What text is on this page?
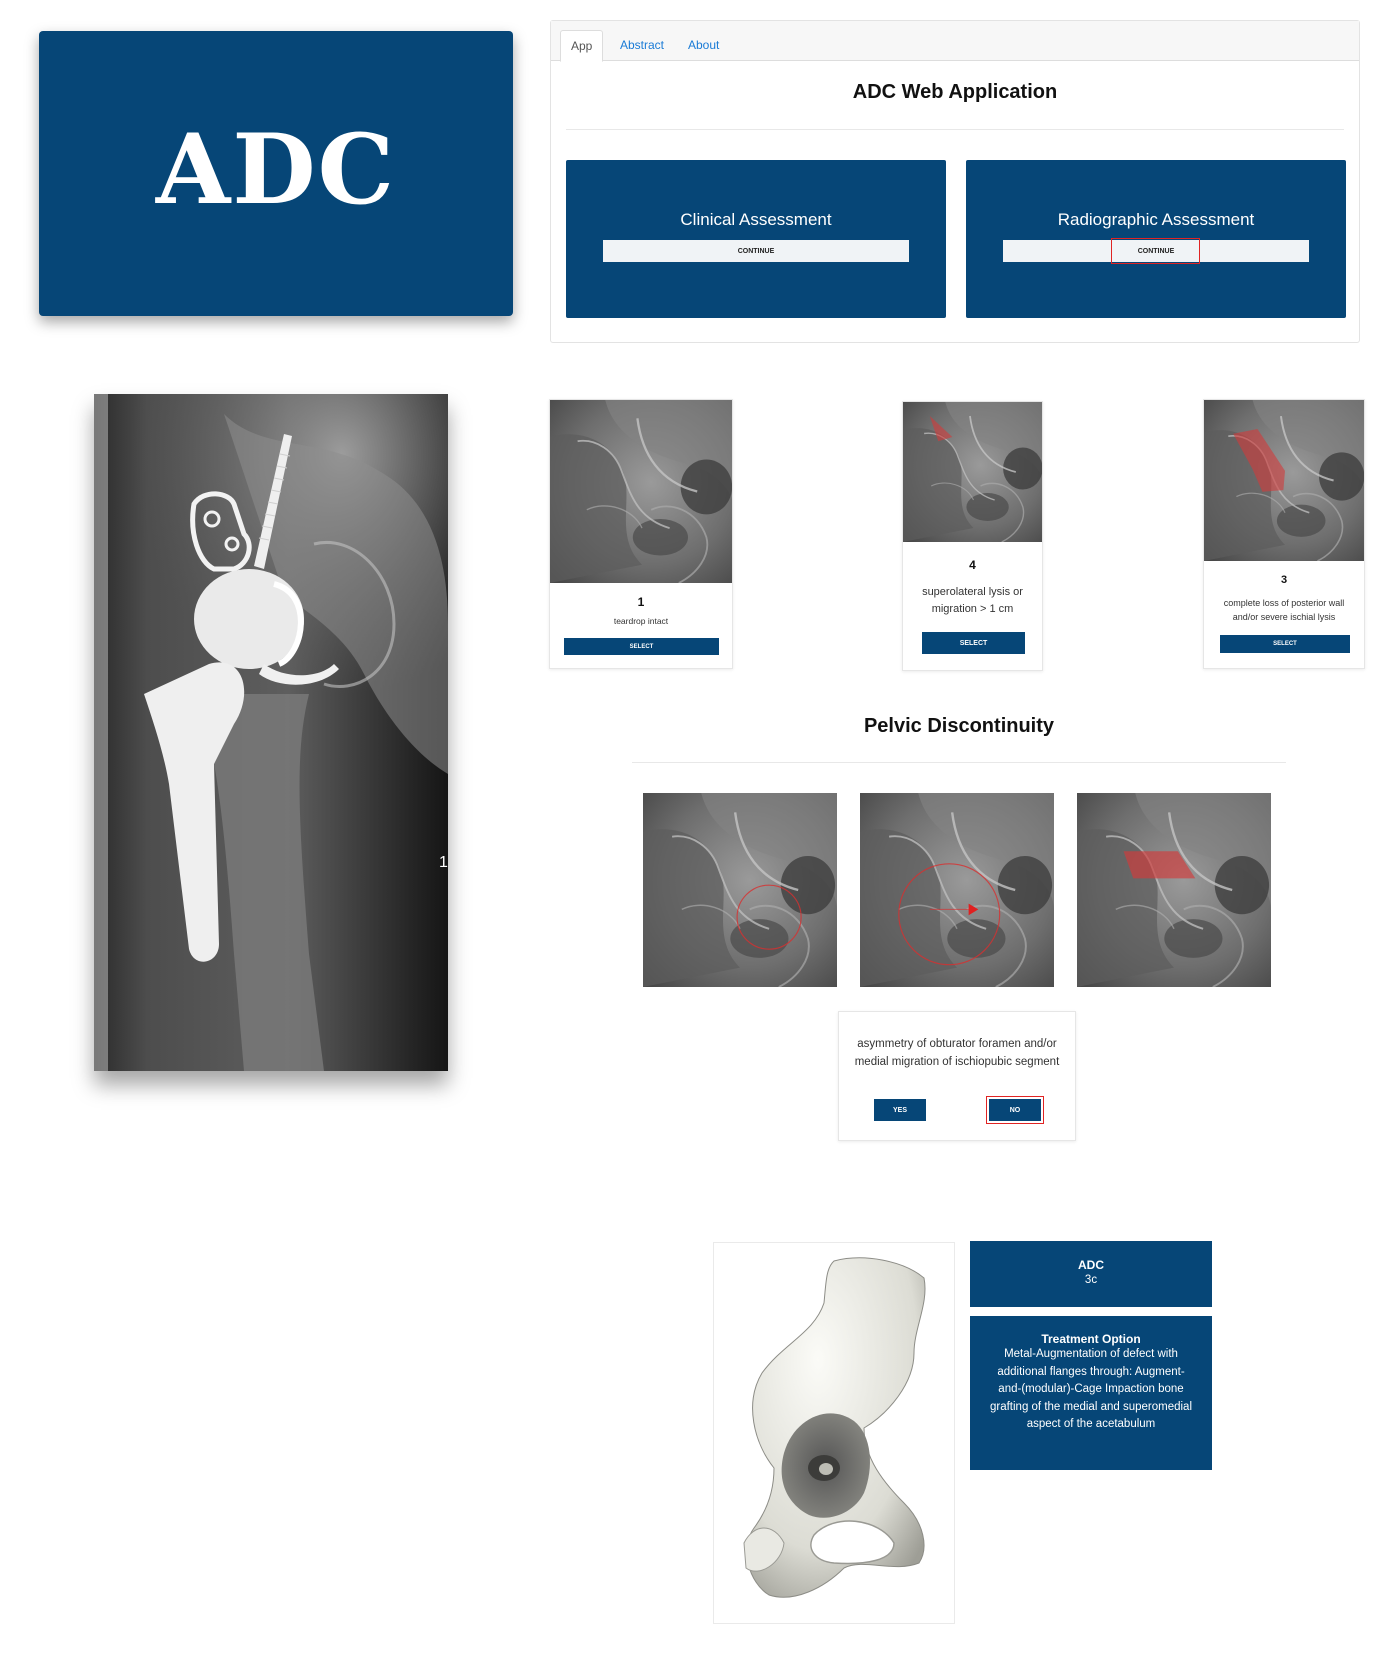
ADC
App	Abstract	About
ADC Web Application
Clinical Assessment
CONTINUE
Radiographic Assessment
CONTINUE
1
1
teardrop intact
SELECT
4
superolateral lysis or migration > 1 cm
SELECT
3
complete loss of posterior wall and/or severe ischial lysis
SELECT
Pelvic Discontinuity
asymmetry of obturator foramen and/or medial migration of ischiopubic segment
YES	NO
ADC
3c
Treatment Option
Metal-Augmentation of defect with additional flanges through: Augment-and-(modular)-Cage Impaction bone grafting of the medial and superomedial aspect of the acetabulum
